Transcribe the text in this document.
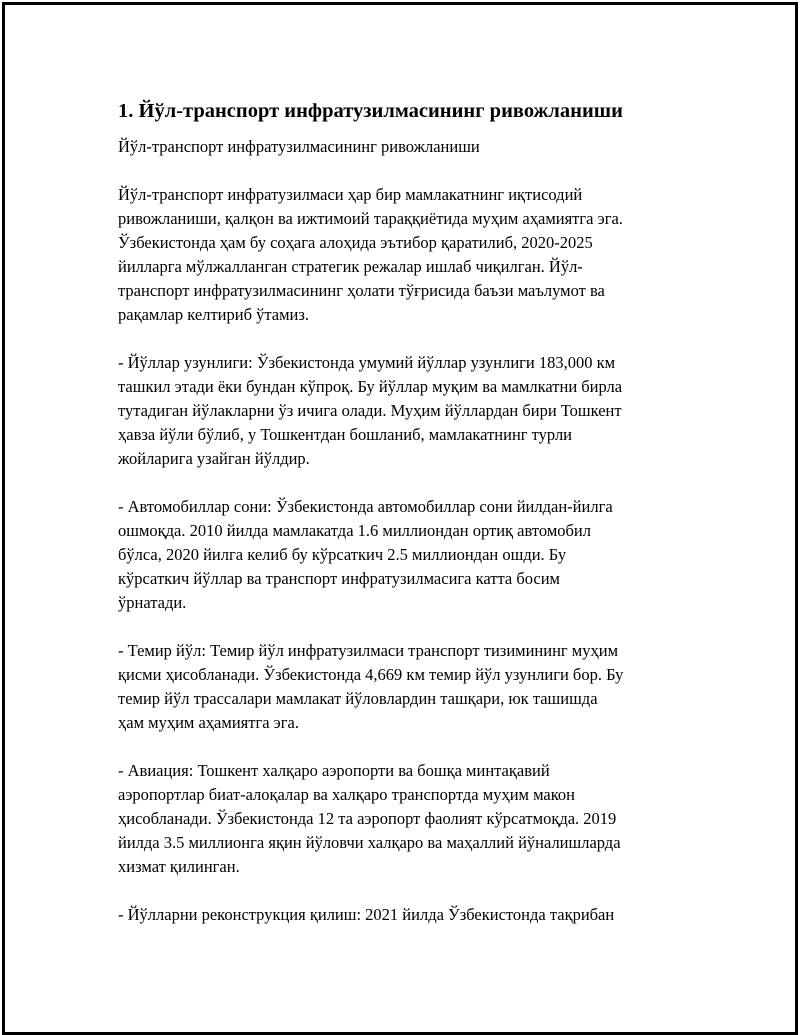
1. Йўл-транспорт инфратузилмасининг ривожланиши
Йўл-транспорт инфратузилмасининг ривожланиши

Йўл-транспорт инфратузилмаси ҳар бир мамлакатнинг иқтисодий
ривожланиши, қалқон ва ижтимоий тараққиётида муҳим аҳамиятга эга.
Ўзбекистонда ҳам бу соҳага алоҳида эътибор қаратилиб, 2020-2025
йилларга мўлжалланган стратегик режалар ишлаб чиқилган. Йўл-
транспорт инфратузилмасининг ҳолати тўғрисида баъзи маълумот ва
рақамлар келтириб ўтамиз.

- Йўллар узунлиги: Ўзбекистонда умумий йўллар узунлиги 183,000 км
ташкил этади ёки бундан кўпроқ. Бу йўллар муқим ва мамлкатни бирла
тутадиган йўлакларни ўз ичига олади. Муҳим йўллардан бири Тошкент
ҳавза йўли бўлиб, у Тошкентдан бошланиб, мамлакатнинг турли
жойларига узайган йўлдир.

- Автомобиллар сони: Ўзбекистонда автомобиллар сони йилдан-йилга
ошмоқда. 2010 йилда мамлакатда 1.6 миллиондан ортиқ автомобил
бўлса, 2020 йилга келиб бу кўрсаткич 2.5 миллиондан ошди. Бу
кўрсаткич йўллар ва транспорт инфратузилмасига катта босим
ўрнатади.

- Темир йўл: Темир йўл инфратузилмаси транспорт тизимининг муҳим
қисми ҳисобланади. Ўзбекистонда 4,669 км темир йўл узунлиги бор. Бу
темир йўл трассалари мамлакат йўловлардин ташқари, юк ташишда
ҳам муҳим аҳамиятга эга.

- Авиация: Тошкент халқаро аэропорти ва бошқа минтақавий
аэропортлар биат-алоқалар ва халқаро транспортда муҳим макон
ҳисобланади. Ўзбекистонда 12 та аэропорт фаолият кўрсатмоқда. 2019
йилда 3.5 миллионга яқин йўловчи халқаро ва маҳаллий йўналишларда
хизмат қилинган.

- Йўлларни реконструкция қилиш: 2021 йилда Ўзбекистонда тақрибан
